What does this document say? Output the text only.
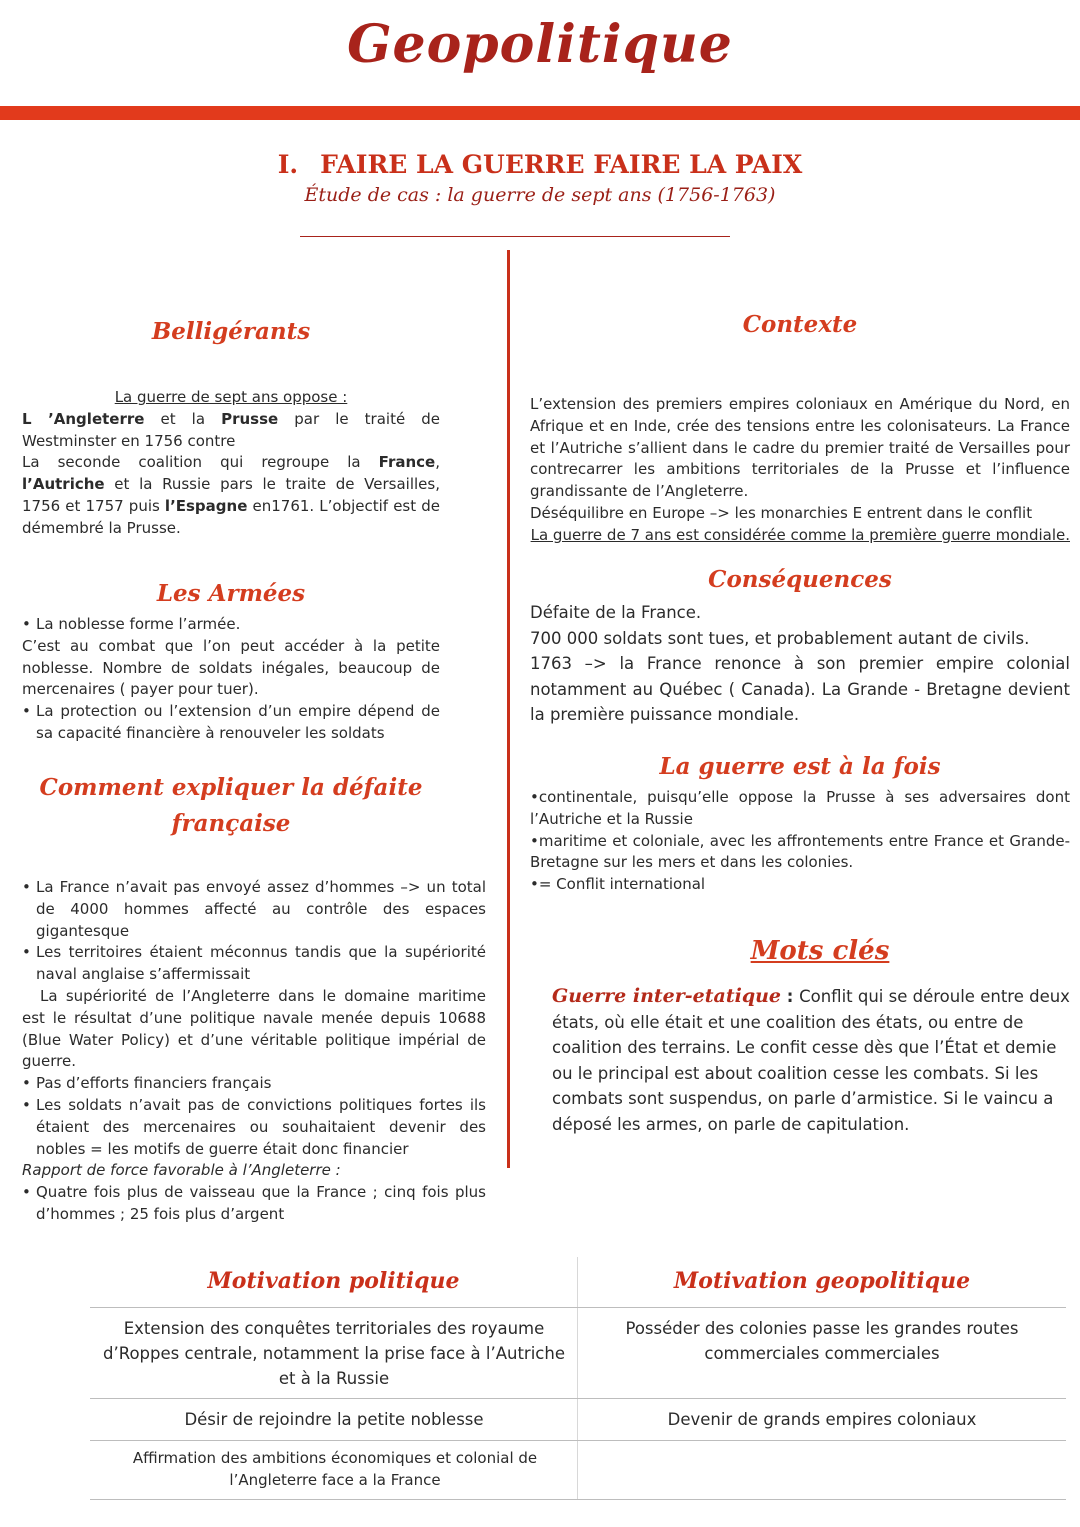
Geopolitique
I. FAIRE LA GUERRE FAIRE LA PAIX
Étude de cas : la guerre de sept ans (1756-1763)
Belligérants
La guerre de sept ans oppose :
L ’Angleterre et la Prusse par le traité de Westminster en 1756 contre
La seconde coalition qui regroupe la France, l’Autriche et la Russie pars le traite de Versailles, 1756 et 1757 puis l’Espagne en1761. L’objectif est de démembré la Prusse.
Les Armées
• La noblesse forme l’armée.
C’est au combat que l’on peut accéder à la petite noblesse. Nombre de soldats inégales, beaucoup de mercenaires ( payer pour tuer).
• La protection ou l’extension d’un empire dépend de sa capacité financière à renouveler les soldats
Comment expliquer la défaite
française
• La France n’avait pas envoyé assez d’hommes –> un total de 4000 hommes affecté au contrôle des espaces gigantesque
• Les territoires étaient méconnus tandis que la supériorité naval anglaise s’affermissait
La supériorité de l’Angleterre dans le domaine maritime est le résultat d’une politique navale menée depuis 10688 (Blue Water Policy) et d’une véritable politique impérial de guerre.
• Pas d’efforts financiers français
• Les soldats n’avait pas de convictions politiques fortes ils étaient des mercenaires ou souhaitaient devenir des nobles = les motifs de guerre était donc financier
Rapport de force favorable à l’Angleterre :
• Quatre fois plus de vaisseau que la France ; cinq fois plus d’hommes ; 25 fois plus d’argent
Contexte
L’extension des premiers empires coloniaux en Amérique du Nord, en Afrique et en Inde, crée des tensions entre les colonisateurs. La France et l’Autriche s’allient dans le cadre du premier traité de Versailles pour contrecarrer les ambitions territoriales de la Prusse et l’influence grandissante de l’Angleterre.
Déséquilibre en Europe –> les monarchies E entrent dans le conflit
La guerre de 7 ans est considérée comme la première guerre mondiale.
Conséquences
Défaite de la France.
700 000 soldats sont tues, et probablement autant de civils.
1763 –> la France renonce à son premier empire colonial notamment au Québec ( Canada). La Grande - Bretagne devient la première puissance mondiale.
La guerre est à la fois
•continentale, puisqu’elle oppose la Prusse à ses adversaires dont l’Autriche et la Russie
•maritime et coloniale, avec les affrontements entre France et Grande-Bretagne sur les mers et dans les colonies.
•= Conflit international
Mots clés
Guerre inter-etatique : Conflit qui se déroule entre deux états, où elle était et une coalition des états, ou entre de coalition des terrains. Le confit cesse dès que l’État et demie ou le principal est about coalition cesse les combats. Si les combats sont suspendus, on parle d’armistice. Si le vaincu a déposé les armes, on parle de capitulation.
Motivation politique	Motivation geopolitique
Extension des conquêtes territoriales des royaume d’Roppes centrale, notamment la prise face à l’Autriche et à la Russie
Posséder des colonies passe les grandes routes commerciales commerciales
Désir de rejoindre la petite noblesse	Devenir de grands empires coloniaux
Affirmation des ambitions économiques et colonial de l’Angleterre face a la France
